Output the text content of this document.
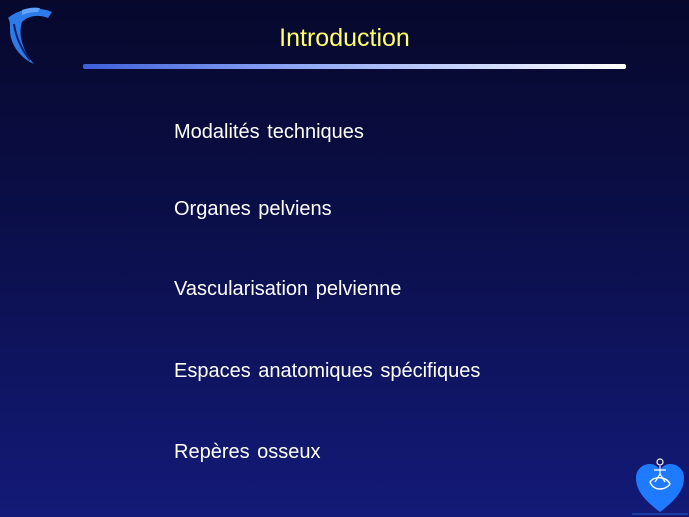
Introduction
Modalités techniques
Organes pelviens
Vascularisation pelvienne
Espaces anatomiques spécifiques
Repères osseux
